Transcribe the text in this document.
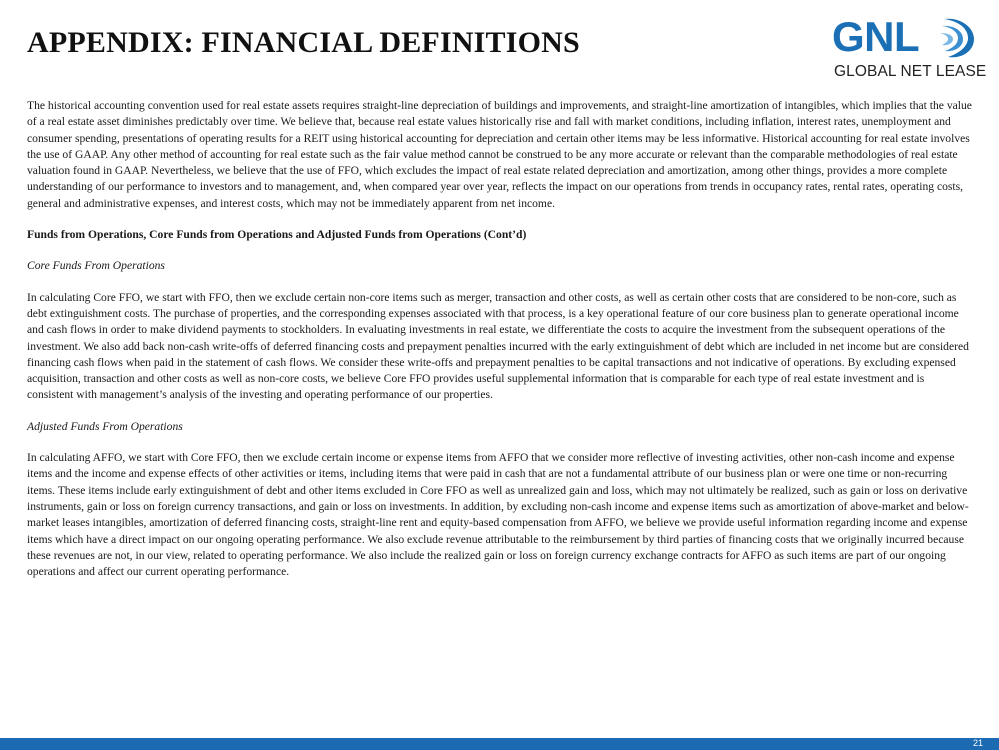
APPENDIX: FINANCIAL DEFINITIONS	GNL
GLOBAL NET LEASE

The historical accounting convention used for real estate assets requires straight-line depreciation of buildings and improvements, and straight-line amortization of intangibles, which implies that the value of a real estate asset diminishes predictably over time. We believe that, because real estate values historically rise and fall with market conditions, including inflation, interest rates, unemployment and consumer spending, presentations of operating results for a REIT using historical accounting for depreciation and certain other items may be less informative. Historical accounting for real estate involves the use of GAAP. Any other method of accounting for real estate such as the fair value method cannot be construed to be any more accurate or relevant than the comparable methodologies of real estate valuation found in GAAP. Nevertheless, we believe that the use of FFO, which excludes the impact of real estate related depreciation and amortization, among other things, provides a more complete understanding of our performance to investors and to management, and, when compared year over year, reflects the impact on our operations from trends in occupancy rates, rental rates, operating costs, general and administrative expenses, and interest costs, which may not be immediately apparent from net income.

Funds from Operations, Core Funds from Operations and Adjusted Funds from Operations (Cont’d)

Core Funds From Operations

In calculating Core FFO, we start with FFO, then we exclude certain non-core items such as merger, transaction and other costs, as well as certain other costs that are considered to be non-core, such as debt extinguishment costs. The purchase of properties, and the corresponding expenses associated with that process, is a key operational feature of our core business plan to generate operational income and cash flows in order to make dividend payments to stockholders. In evaluating investments in real estate, we differentiate the costs to acquire the investment from the subsequent operations of the investment. We also add back non-cash write-offs of deferred financing costs and prepayment penalties incurred with the early extinguishment of debt which are included in net income but are considered financing cash flows when paid in the statement of cash flows. We consider these write-offs and prepayment penalties to be capital transactions and not indicative of operations. By excluding expensed acquisition, transaction and other costs as well as non-core costs, we believe Core FFO provides useful supplemental information that is comparable for each type of real estate investment and is consistent with management’s analysis of the investing and operating performance of our properties.

Adjusted Funds From Operations

In calculating AFFO, we start with Core FFO, then we exclude certain income or expense items from AFFO that we consider more reflective of investing activities, other non-cash income and expense items and the income and expense effects of other activities or items, including items that were paid in cash that are not a fundamental attribute of our business plan or were one time or non-recurring items. These items include early extinguishment of debt and other items excluded in Core FFO as well as unrealized gain and loss, which may not ultimately be realized, such as gain or loss on derivative instruments, gain or loss on foreign currency transactions, and gain or loss on investments. In addition, by excluding non-cash income and expense items such as amortization of above-market and below-market leases intangibles, amortization of deferred financing costs, straight-line rent and equity-based compensation from AFFO, we believe we provide useful information regarding income and expense items which have a direct impact on our ongoing operating performance. We also exclude revenue attributable to the reimbursement by third parties of financing costs that we originally incurred because these revenues are not, in our view, related to operating performance. We also include the realized gain or loss on foreign currency exchange contracts for AFFO as such items are part of our ongoing operations and affect our current operating performance.

21
